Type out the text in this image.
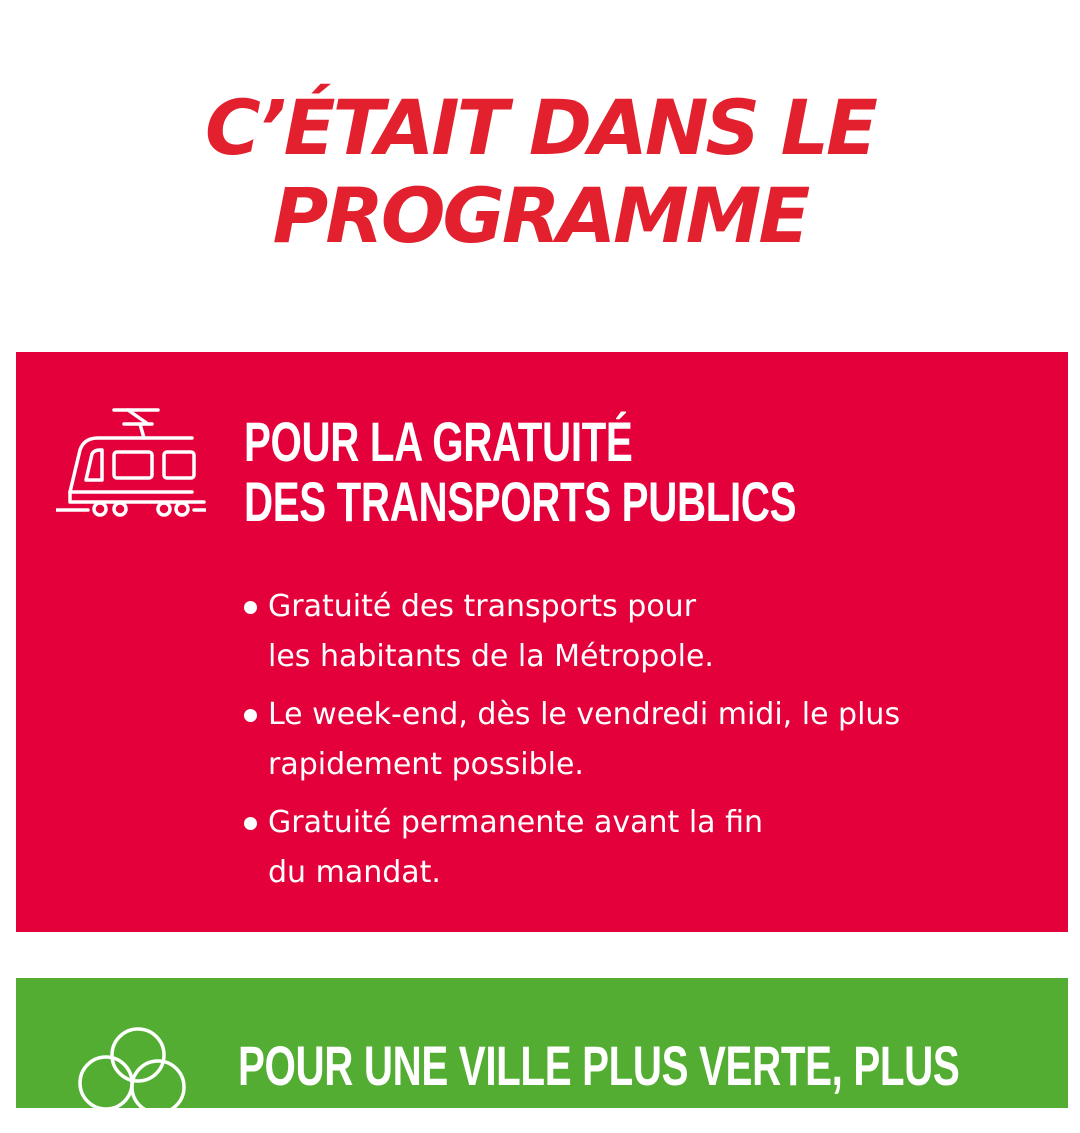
C’ÉTAIT DANS LE
PROGRAMME
POUR LA GRATUITÉ
DES TRANSPORTS PUBLICS
Gratuité des transports pour
les habitants de la Métropole.
Le week-end, dès le vendredi midi, le plus
rapidement possible.
Gratuité permanente avant la fin
du mandat.
POUR UNE VILLE PLUS VERTE, PLUS
